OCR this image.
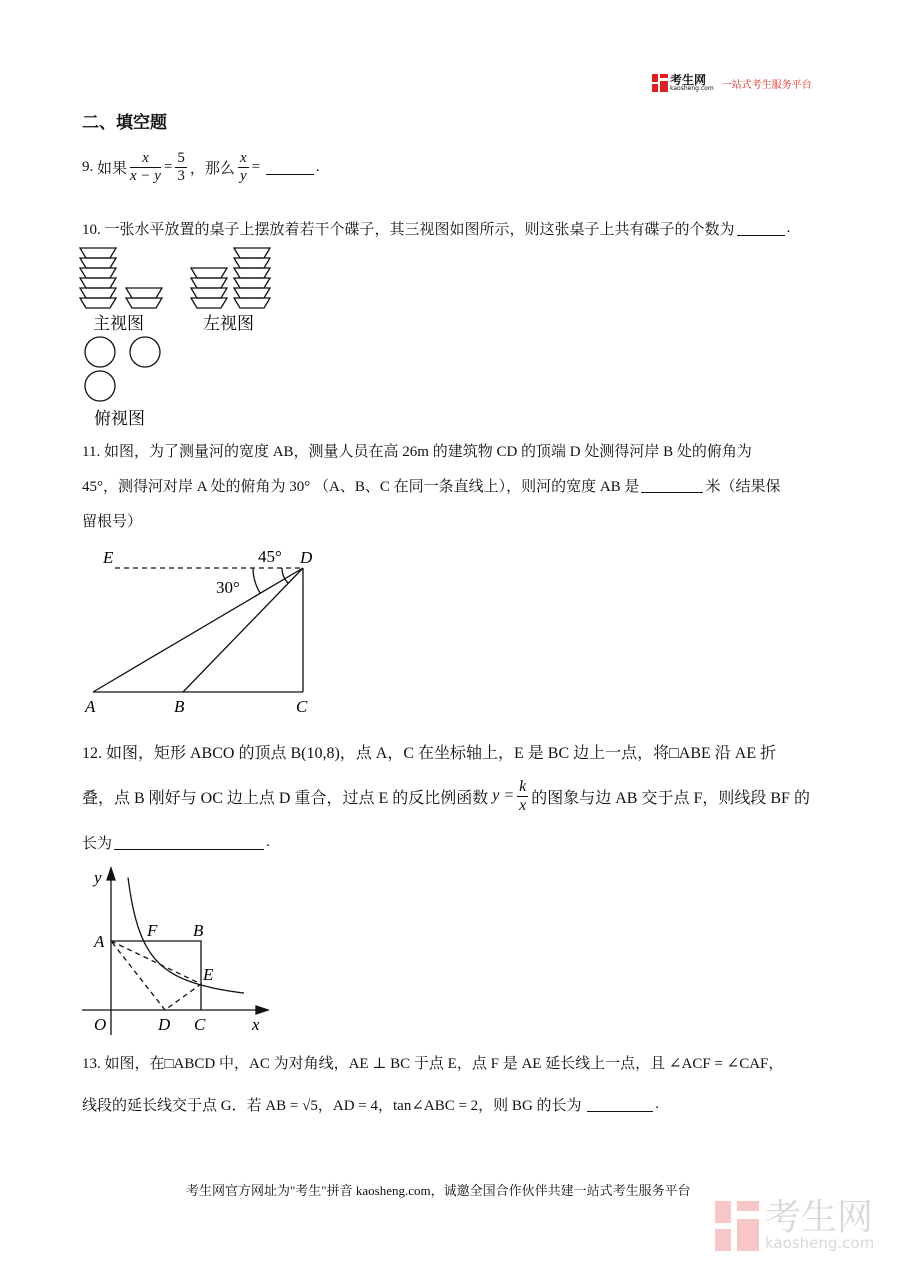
考生网
kaosheng.com 一站式考生服务平台
二、填空题
9.
如果 $\frac{x}{x - y} = \frac{5}{3}$ ，那么 $\frac{x}{y}$ =
	.
10. 一张水平放置的桌子上摆放着若干个碟子，其三视图如图所示，则这张桌子上共有碟子的个数为	.
11. 如图，为了测量河的宽度 AB，测量人员在高 26m 的建筑物 CD 的顶端 D 处测得河岸 B 处的俯角为
45°，测得河对岸 A 处的俯角为 30° （A、B、C 在同一条直线上），则河的宽度 AB 是	米（结果保
留根号）
12. 如图，矩形 ABCO 的顶点 B(10,8)，点 A，C 在坐标轴上，E 是 BC 边上一点，将□ABE 沿 AE 折
叠，点 B 刚好与 OC 边上点 D 重合，过点 E 的反比例函数
$y = \frac{k}{x}$ 的图象与边 AB 交于点 F，则线段 BF 的
长为	.
13. 如图，在□ABCD 中，AC 为对角线，AE ⊥ BC 于点 E，点 F 是 AE 延长线上一点，且 ∠ACF = ∠CAF，
线段的延长线交于点 G．若 AB = √5，AD = 4，tan∠ABC = 2，则 BG 的长为
	.
考生网官方网址为"考生"拼音 kaosheng.com，诚邀全国合作伙伴共建一站式考生服务平台
考生网
kaosheng.com
主视图	左视图
俯视图
E	D
A	B	C
45°
30°
y
x
O
A
F B
E
D C
